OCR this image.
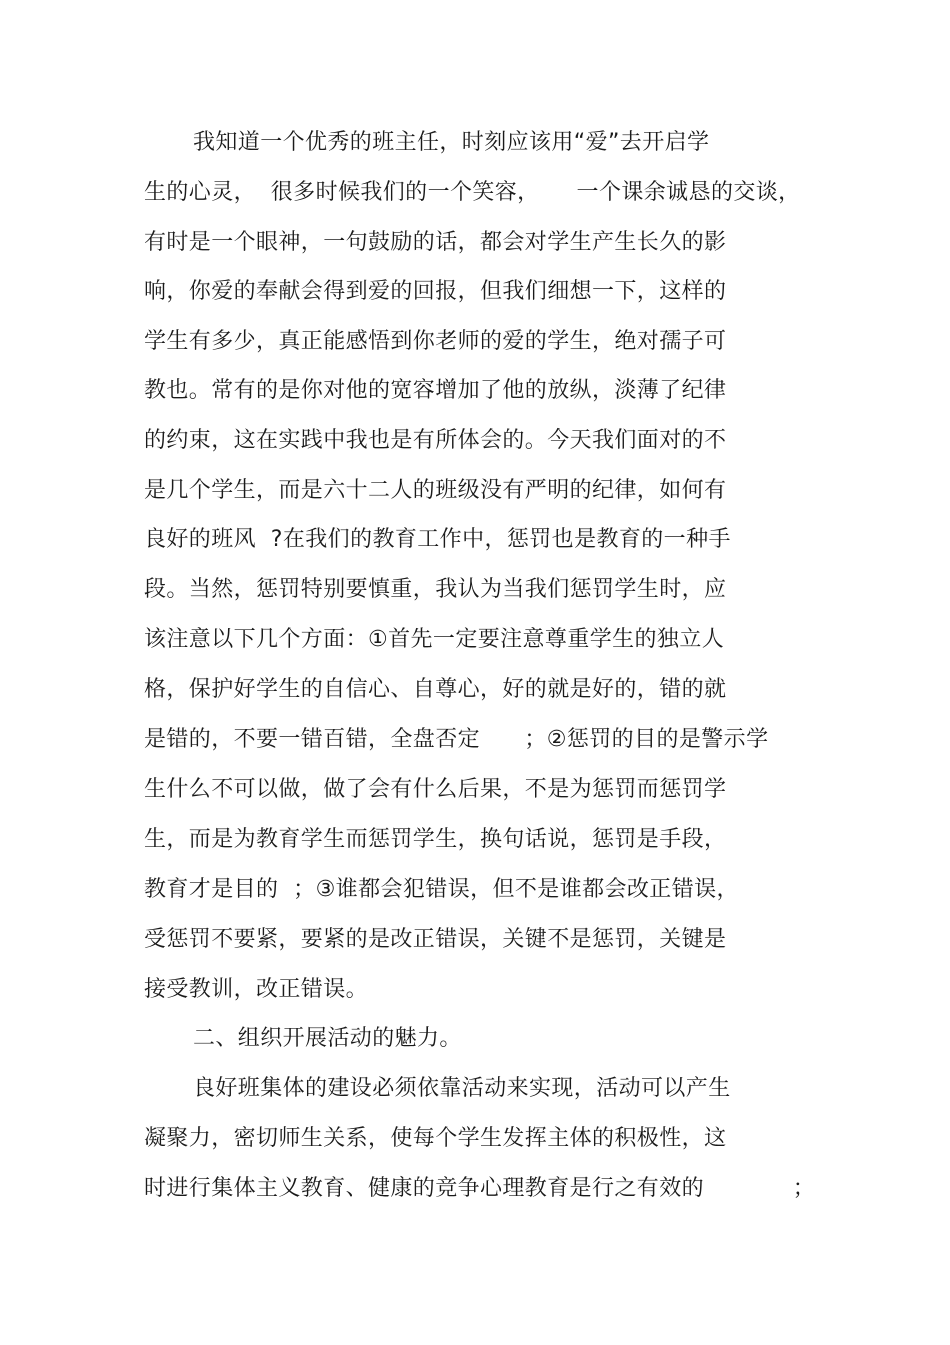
我知道一个优秀的班主任，时刻应该用“爱”去开启学
生的心灵，  很多时候我们的一个笑容，     一个课余诚恳的交谈，
有时是一个眼神，一句鼓励的话，都会对学生产生长久的影
响，你爱的奉献会得到爱的回报，但我们细想一下，这样的
学生有多少，真正能感悟到你老师的爱的学生，绝对孺子可
教也。常有的是你对他的宽容增加了他的放纵，淡薄了纪律
的约束，这在实践中我也是有所体会的。今天我们面对的不
是几个学生，而是六十二人的班级没有严明的纪律，如何有
良好的班风  ?在我们的教育工作中，惩罚也是教育的一种手
段。当然，惩罚特别要慎重，我认为当我们惩罚学生时，应
该注意以下几个方面：①首先一定要注意尊重学生的独立人
格，保护好学生的自信心、自尊心，好的就是好的，错的就
是错的，不要一错百错，全盘否定      ；②惩罚的目的是警示学
生什么不可以做，做了会有什么后果，不是为惩罚而惩罚学
生，而是为教育学生而惩罚学生，换句话说，惩罚是手段，
教育才是目的  ；③谁都会犯错误，但不是谁都会改正错误，
受惩罚不要紧，要紧的是改正错误，关键不是惩罚，关键是
接受教训，改正错误。
二、组织开展活动的魅力。
良好班集体的建设必须依靠活动来实现，活动可以产生
凝聚力，密切师生关系，使每个学生发挥主体的积极性，这
时进行集体主义教育、健康的竞争心理教育是行之有效的            ；
